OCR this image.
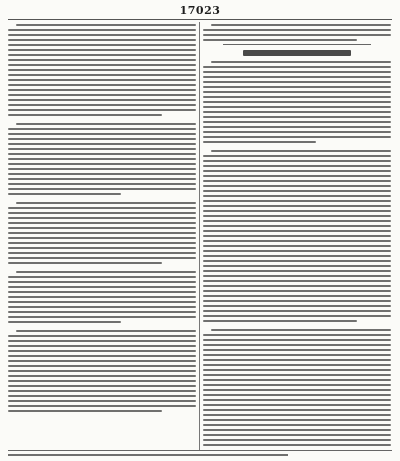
17023
